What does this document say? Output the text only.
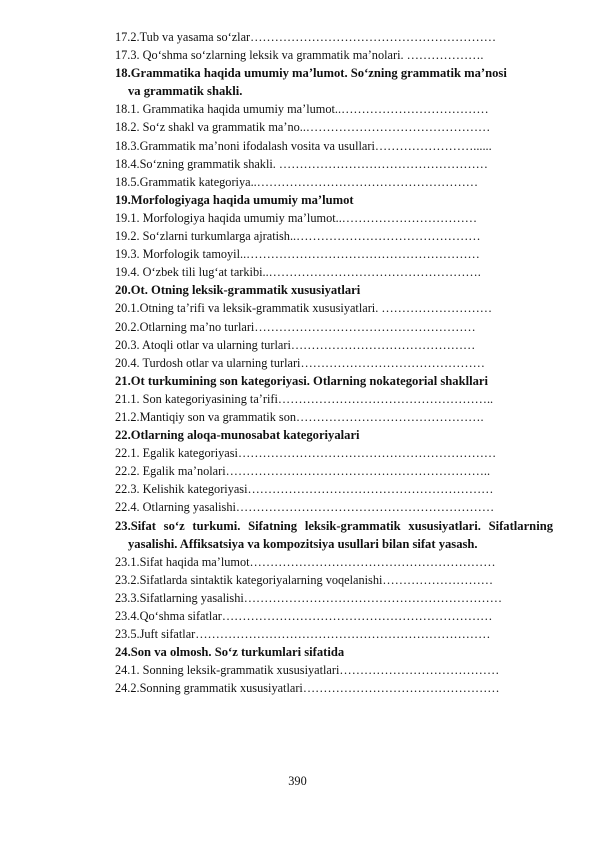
17.2.Tub va yasama so‘zlar……………………………………………………
17.3. Qo‘shma so‘zlarning leksik va grammatik ma’nolari. ……………….
18.Grammatika haqida umumiy ma’lumot. So‘zning grammatik ma’nosi
va grammatik shakli.
18.1. Grammatika haqida umumiy ma’lumot..………………………………
18.2. So‘z shakl va grammatik ma’no..………………………………………
18.3.Grammatik ma’noni ifodalash vosita va usullari……………………......
18.4.So‘zning grammatik shakli. ……………………………………………
18.5.Grammatik kategoriya..………………………………………………
19.Morfologiyaga haqida umumiy ma’lumot
19.1. Morfologiya haqida umumiy ma’lumot..……………………………
19.2. So‘zlarni turkumlarga ajratish..………………………………………
19.3. Morfologik tamoyil..…………………………………………………
19.4. O‘zbek tili lug‘at tarkibi..…………………………………………….
20.Ot. Otning leksik-grammatik xususiyatlari
20.1.Otning ta’rifi va leksik-grammatik xususiyatlari. ………………………
20.2.Otlarning ma’no turlari………………………………………………
20.3. Atoqli otlar va ularning turlari………………………………………
20.4. Turdosh otlar va ularning turlari………………………………………
21.Ot turkumining son kategoriyasi. Otlarning nokategorial shakllari
21.1. Son kategoriyasining ta’rifi……………………………………………..
21.2.Mantiqiy son va grammatik son……………………………………….
22.Otlarning aloqa-munosabat kategoriyalari
22.1. Egalik kategoriyasi………………………………………………………
22.2. Egalik ma’nolari………………………………………………………..
22.3. Kelishik kategoriyasi……………………………………………………
22.4. Otlarning yasalishi………………………………………………………
23.Sifat so‘z turkumi. Sifatning leksik-grammatik xususiyatlari. Sifatlarning yasalishi. Affiksatsiya va kompozitsiya usullari bilan sifat yasash.
23.1.Sifat haqida ma’lumot……………………………………………………
23.2.Sifatlarda sintaktik kategoriyalarning voqelanishi………………………
23.3.Sifatlarning yasalishi………………………………………………………
23.4.Qo‘shma sifatlar…………………………………………………………
23.5.Juft sifatlar………………………………………………………………
24.Son va olmosh. So‘z turkumlari sifatida
24.1. Sonning leksik-grammatik xususiyatlari…………………………………
24.2.Sonning grammatik xususiyatlari…………………………………………
390
